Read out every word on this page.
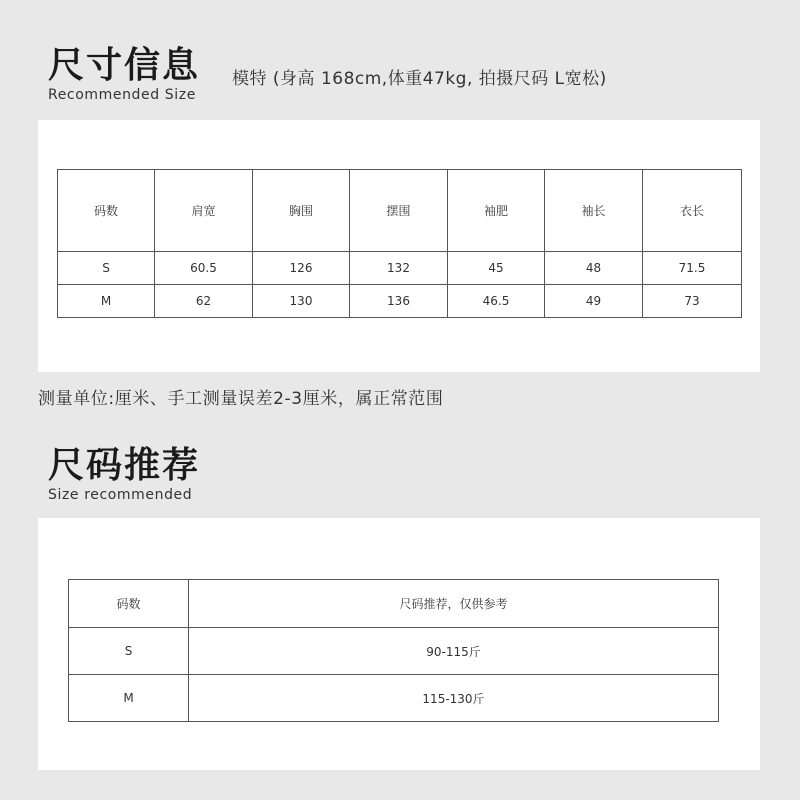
尺寸信息
Recommended Size
模特 (身高 168cm,体重47kg, 拍摄尺码 L宽松)
码数	肩宽	胸围	摆围	袖肥	袖长	衣长
S	60.5	126	132	45	48	71.5
M	62	130	136	46.5	49	73
测量单位:厘米、手工测量误差2-3厘米，属正常范围
尺码推荐
Size recommended
码数	尺码推荐，仅供参考
S	90-115斤
M	115-130斤
